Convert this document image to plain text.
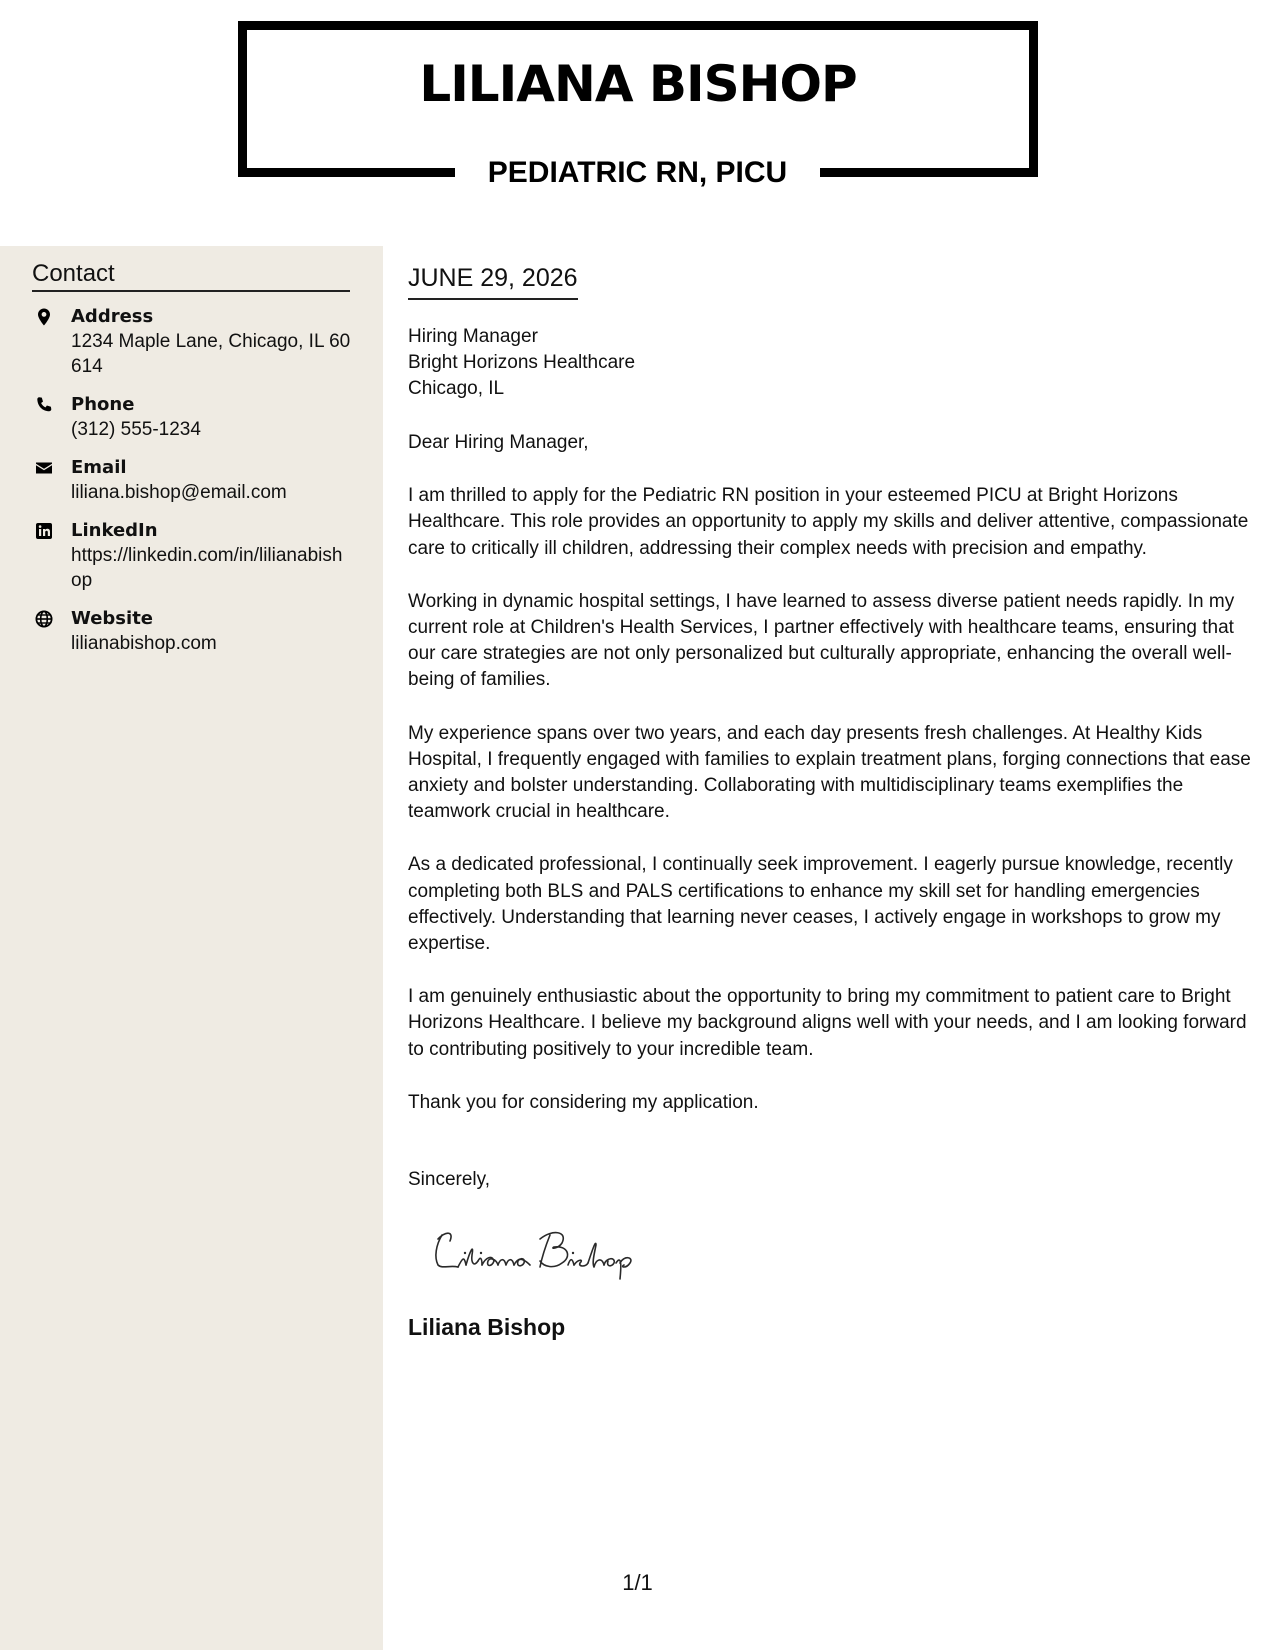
LILIANA BISHOP
PEDIATRIC RN, PICU
Contact
Address
1234 Maple Lane, Chicago, IL 60614
Phone
(312) 555-1234
Email
liliana.bishop@email.com
LinkedIn
https://linkedin.com/in/lilianabishop
Website
lilianabishop.com
JUNE 29, 2026
Hiring Manager
Bright Horizons Healthcare
Chicago, IL

Dear Hiring Manager,

I am thrilled to apply for the Pediatric RN position in your esteemed PICU at Bright Horizons Healthcare. This role provides an opportunity to apply my skills and deliver attentive, compassionate care to critically ill children, addressing their complex needs with precision and empathy.

Working in dynamic hospital settings, I have learned to assess diverse patient needs rapidly. In my current role at Children's Health Services, I partner effectively with healthcare teams, ensuring that our care strategies are not only personalized but culturally appropriate, enhancing the overall well-being of families.

My experience spans over two years, and each day presents fresh challenges. At Healthy Kids Hospital, I frequently engaged with families to explain treatment plans, forging connections that ease anxiety and bolster understanding. Collaborating with multidisciplinary teams exemplifies the teamwork crucial in healthcare.

As a dedicated professional, I continually seek improvement. I eagerly pursue knowledge, recently completing both BLS and PALS certifications to enhance my skill set for handling emergencies effectively. Understanding that learning never ceases, I actively engage in workshops to grow my expertise.

I am genuinely enthusiastic about the opportunity to bring my commitment to patient care to Bright Horizons Healthcare. I believe my background aligns well with your needs, and I am looking forward to contributing positively to your incredible team.

Thank you for considering my application.

Sincerely,
Liliana Bishop
1/1
